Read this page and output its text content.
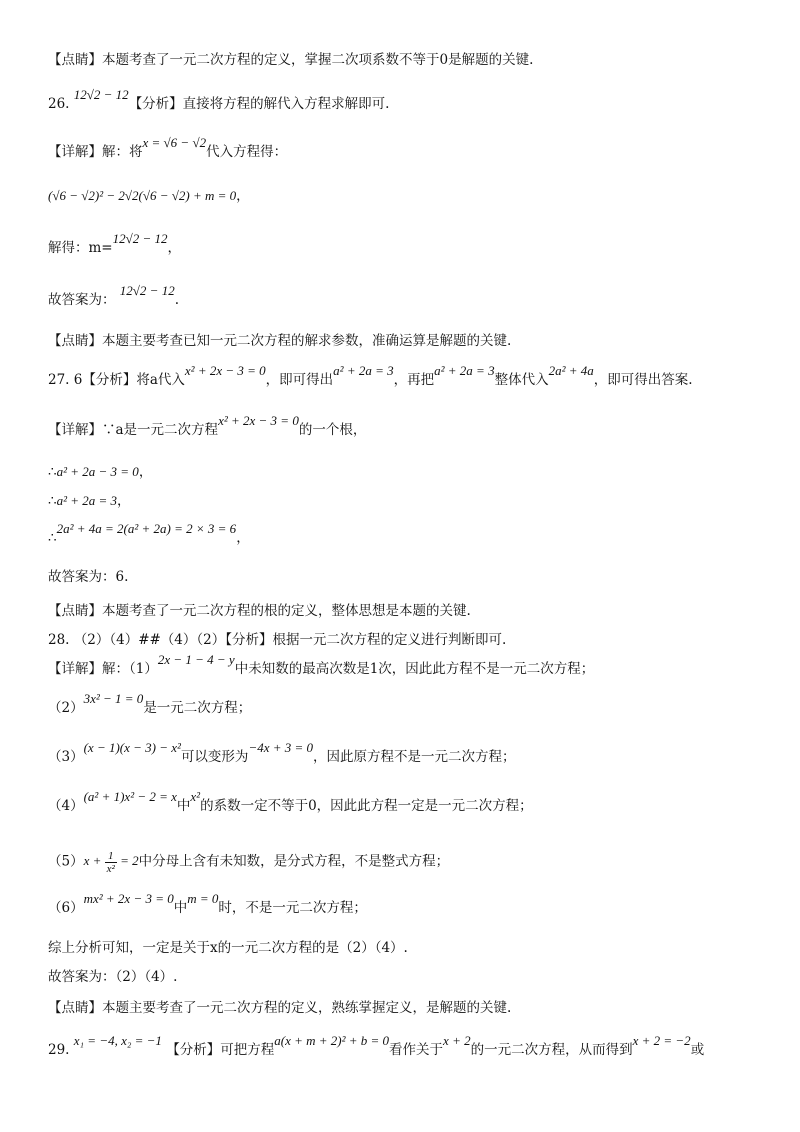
【点睛】本题考查了一元二次方程的定义，掌握二次项系数不等于0是解题的关键.
26. 12√2 − 12【分析】直接将方程的解代入方程求解即可.
【详解】解：将x = √6 − √2代入方程得：
(√6 − √2)² − 2√2(√6 − √2) + m = 0，
解得：m=12√2 − 12，
故答案为： 12√2 − 12.
【点睛】本题主要考查已知一元二次方程的解求参数，准确运算是解题的关键.
27. 6【分析】将a代入x² + 2x − 3 = 0，即可得出a² + 2a = 3，再把a² + 2a = 3整体代入2a² + 4a，即可得出答案.
【详解】∵a是一元二次方程x² + 2x − 3 = 0的一个根，
∴a² + 2a − 3 = 0，
∴a² + 2a = 3，
∴2a² + 4a = 2(a² + 2a) = 2 × 3 = 6，
故答案为：6.
【点睛】本题考查了一元二次方程的根的定义，整体思想是本题的关键.
28. （2）（4）##（4）（2）【分析】根据一元二次方程的定义进行判断即可.
【详解】解：（1）2x − 1 − 4 − y中未知数的最高次数是1次，因此此方程不是一元二次方程；
（2）3x² − 1 = 0是一元二次方程；
（3）(x − 1)(x − 3) − x²可以变形为−4x + 3 = 0，因此原方程不是一元二次方程；
（4）(a² + 1)x² − 2 = x中x²的系数一定不等于0，因此此方程一定是一元二次方程；
$(5)x + \frac{1}{\text{x²}} = 2$中分母上含有未知数，是分式方程，不是整式方程；
（6）mx² + 2x − 3 = 0中m = 0时，不是一元二次方程；
综上分析可知，一定是关于x的一元二次方程的是（2）（4）.
故答案为：（2）（4）.
【点睛】本题主要考查了一元二次方程的定义，熟练掌握定义，是解题的关键.
29. x₁ = −4, x₂ = −1 【分析】可把方程a(x + m + 2)² + b = 0看作关于x + 2的一元二次方程，从而得到x + 2 = −2或
